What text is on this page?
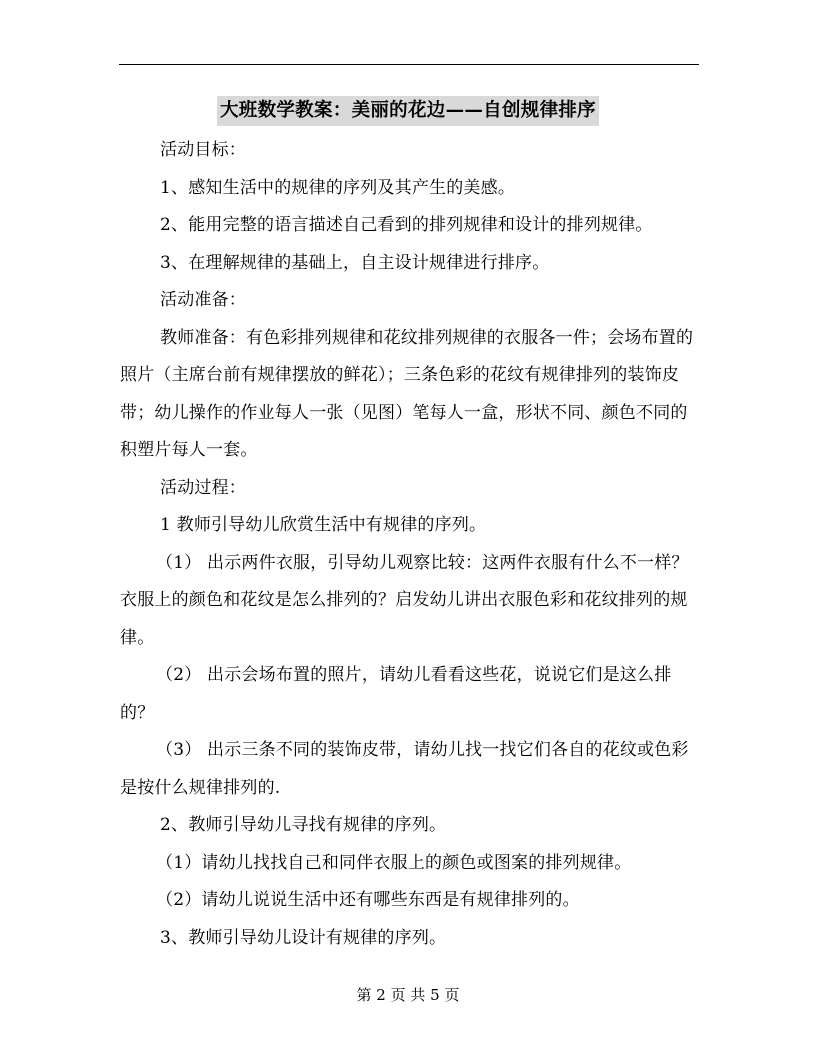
大班数学教案：美丽的花边——自创规律排序

活动目标：

1、感知生活中的规律的序列及其产生的美感。

2、能用完整的语言描述自己看到的排列规律和设计的排列规律。

3、在理解规律的基础上，自主设计规律进行排序。

活动准备：

教师准备：有色彩排列规律和花纹排列规律的衣服各一件；会场布置的照片（主席台前有规律摆放的鲜花）；三条色彩的花纹有规律排列的装饰皮带；幼儿操作的作业每人一张（见图）笔每人一盒，形状不同、颜色不同的积塑片每人一套。

活动过程：

1 教师引导幼儿欣赏生活中有规律的序列。

（1） 出示两件衣服，引导幼儿观察比较：这两件衣服有什么不一样？衣服上的颜色和花纹是怎么排列的？启发幼儿讲出衣服色彩和花纹排列的规律。

（2） 出示会场布置的照片，请幼儿看看这些花，说说它们是这么排的？

（3） 出示三条不同的装饰皮带，请幼儿找一找它们各自的花纹或色彩是按什么规律排列的.

2、教师引导幼儿寻找有规律的序列。

（1）请幼儿找找自己和同伴衣服上的颜色或图案的排列规律。

（2）请幼儿说说生活中还有哪些东西是有规律排列的。

3、教师引导幼儿设计有规律的序列。

第 2 页 共 5 页
